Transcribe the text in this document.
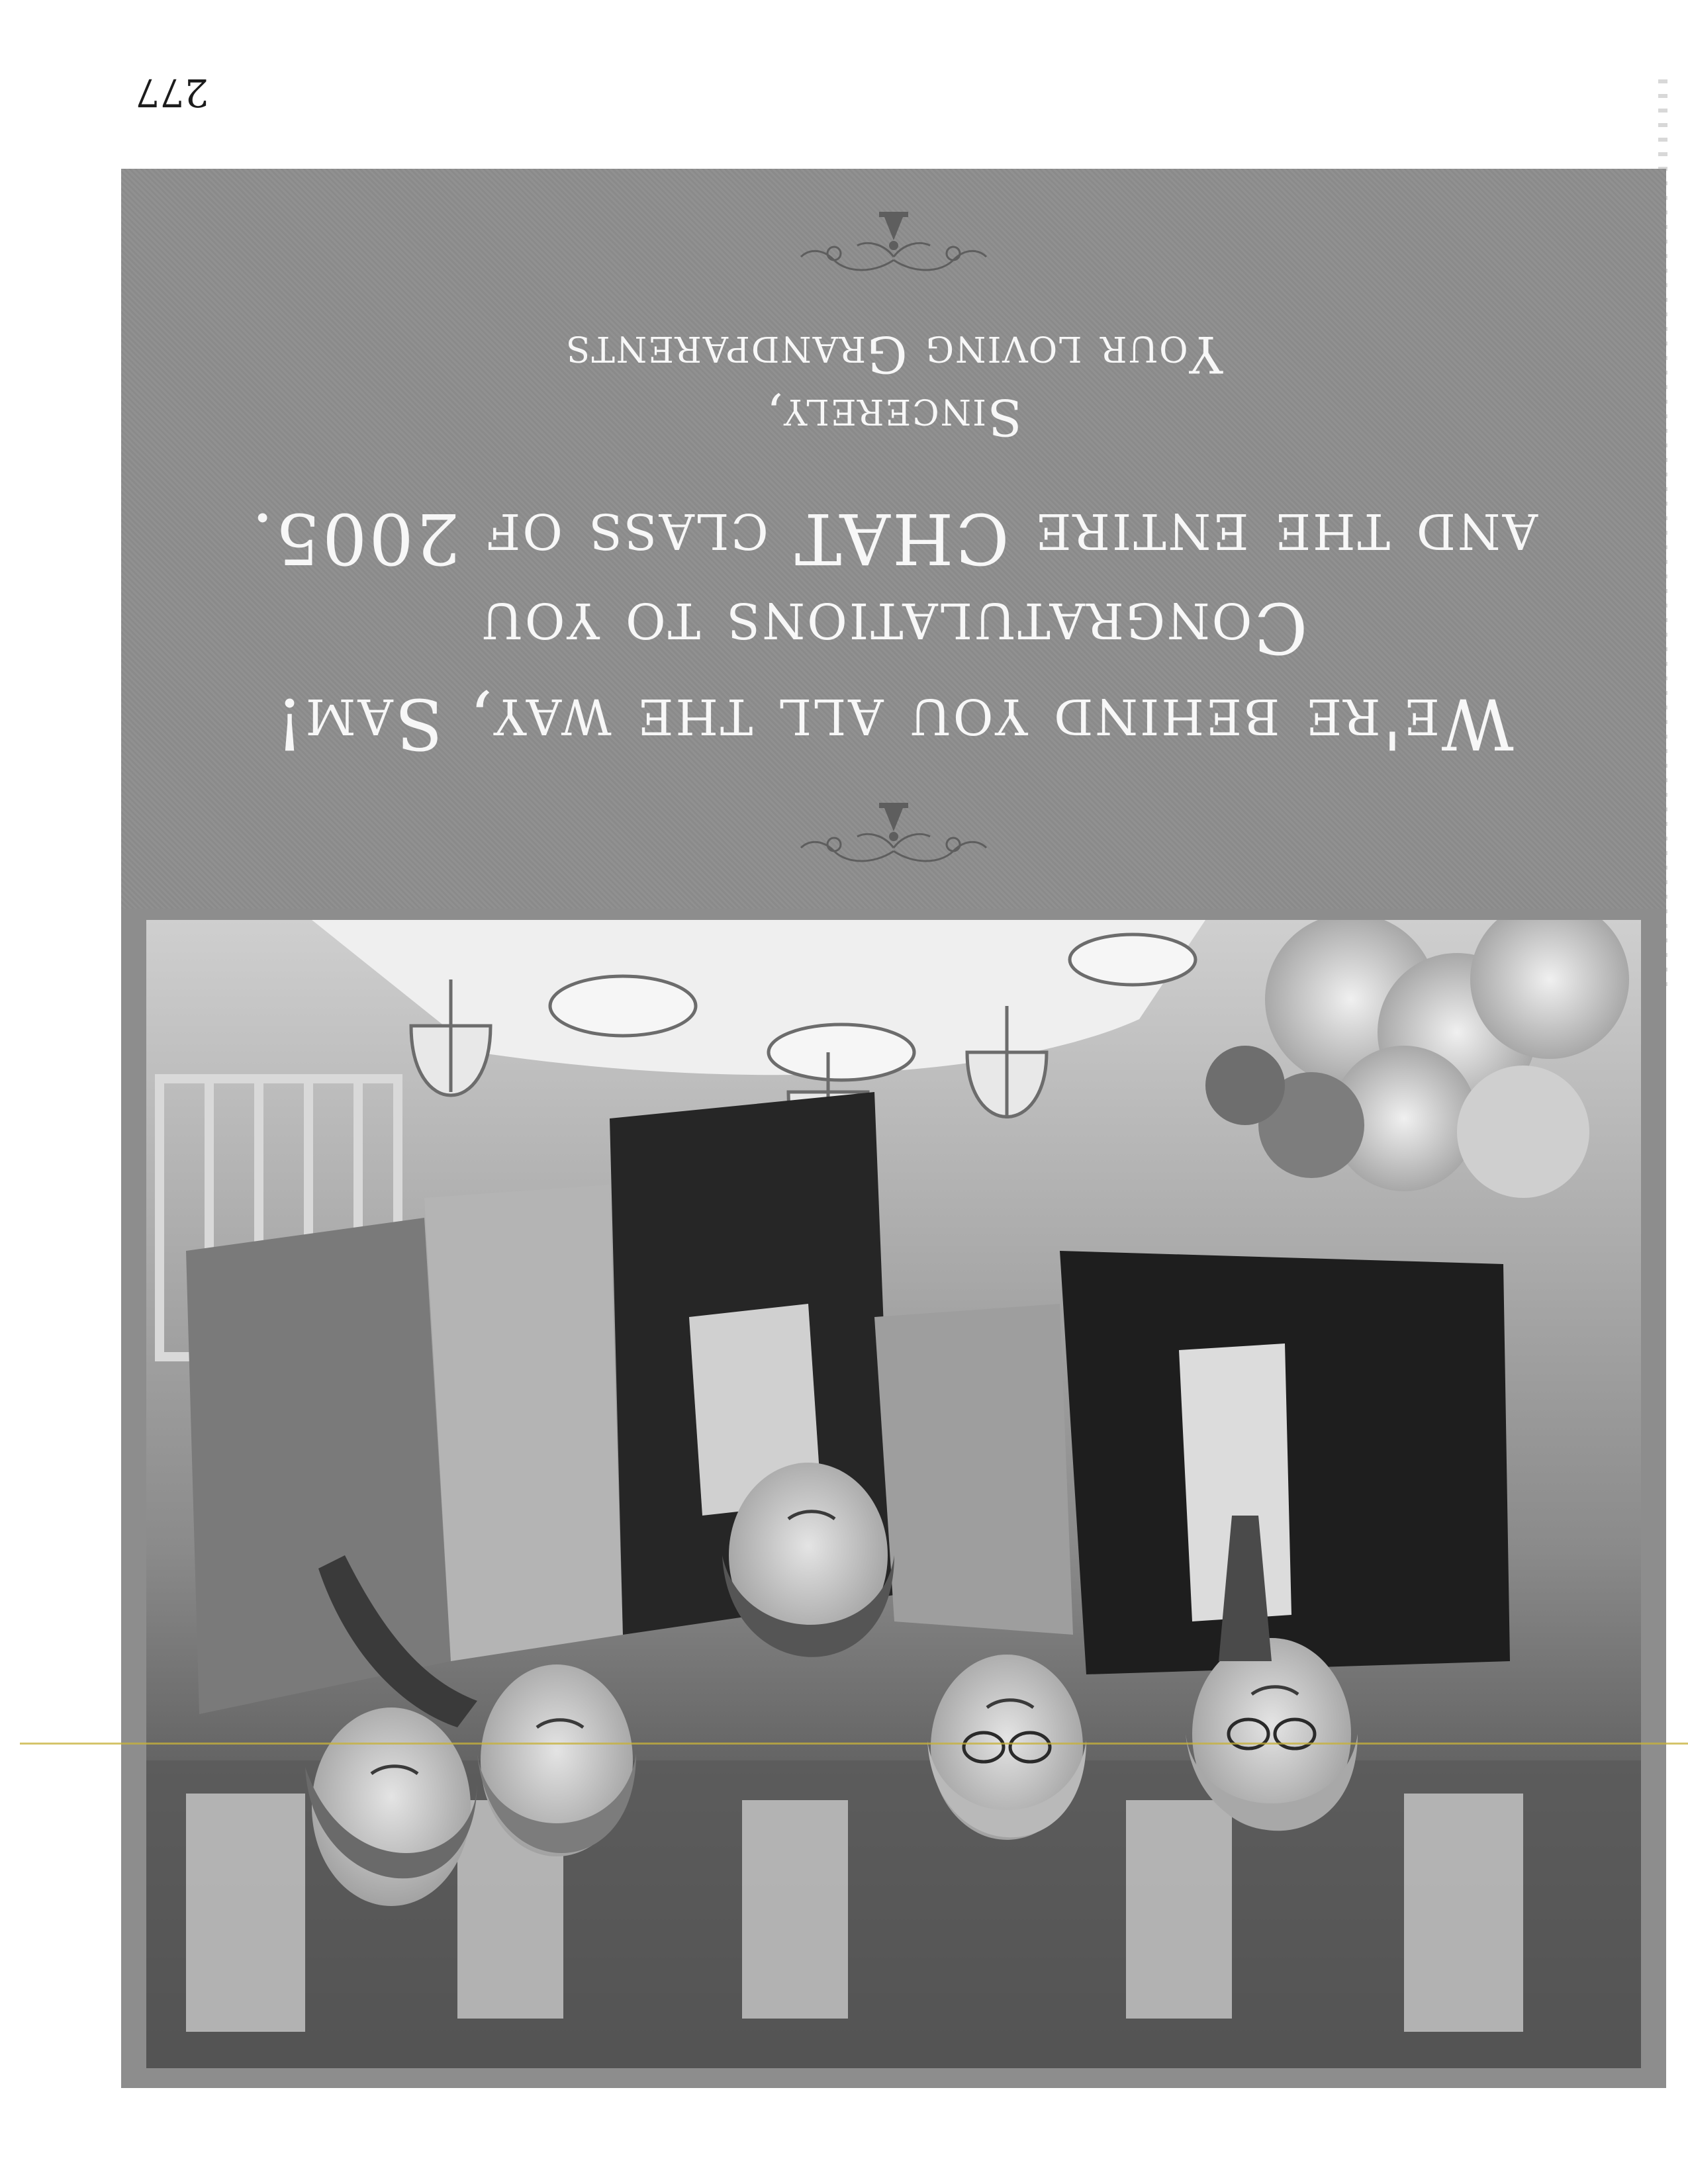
277
We're behind you all the way, Sam!
Congratulations to you
and the entire CHAT class of 2005.
Sincerely,
Your loving Grandparents
